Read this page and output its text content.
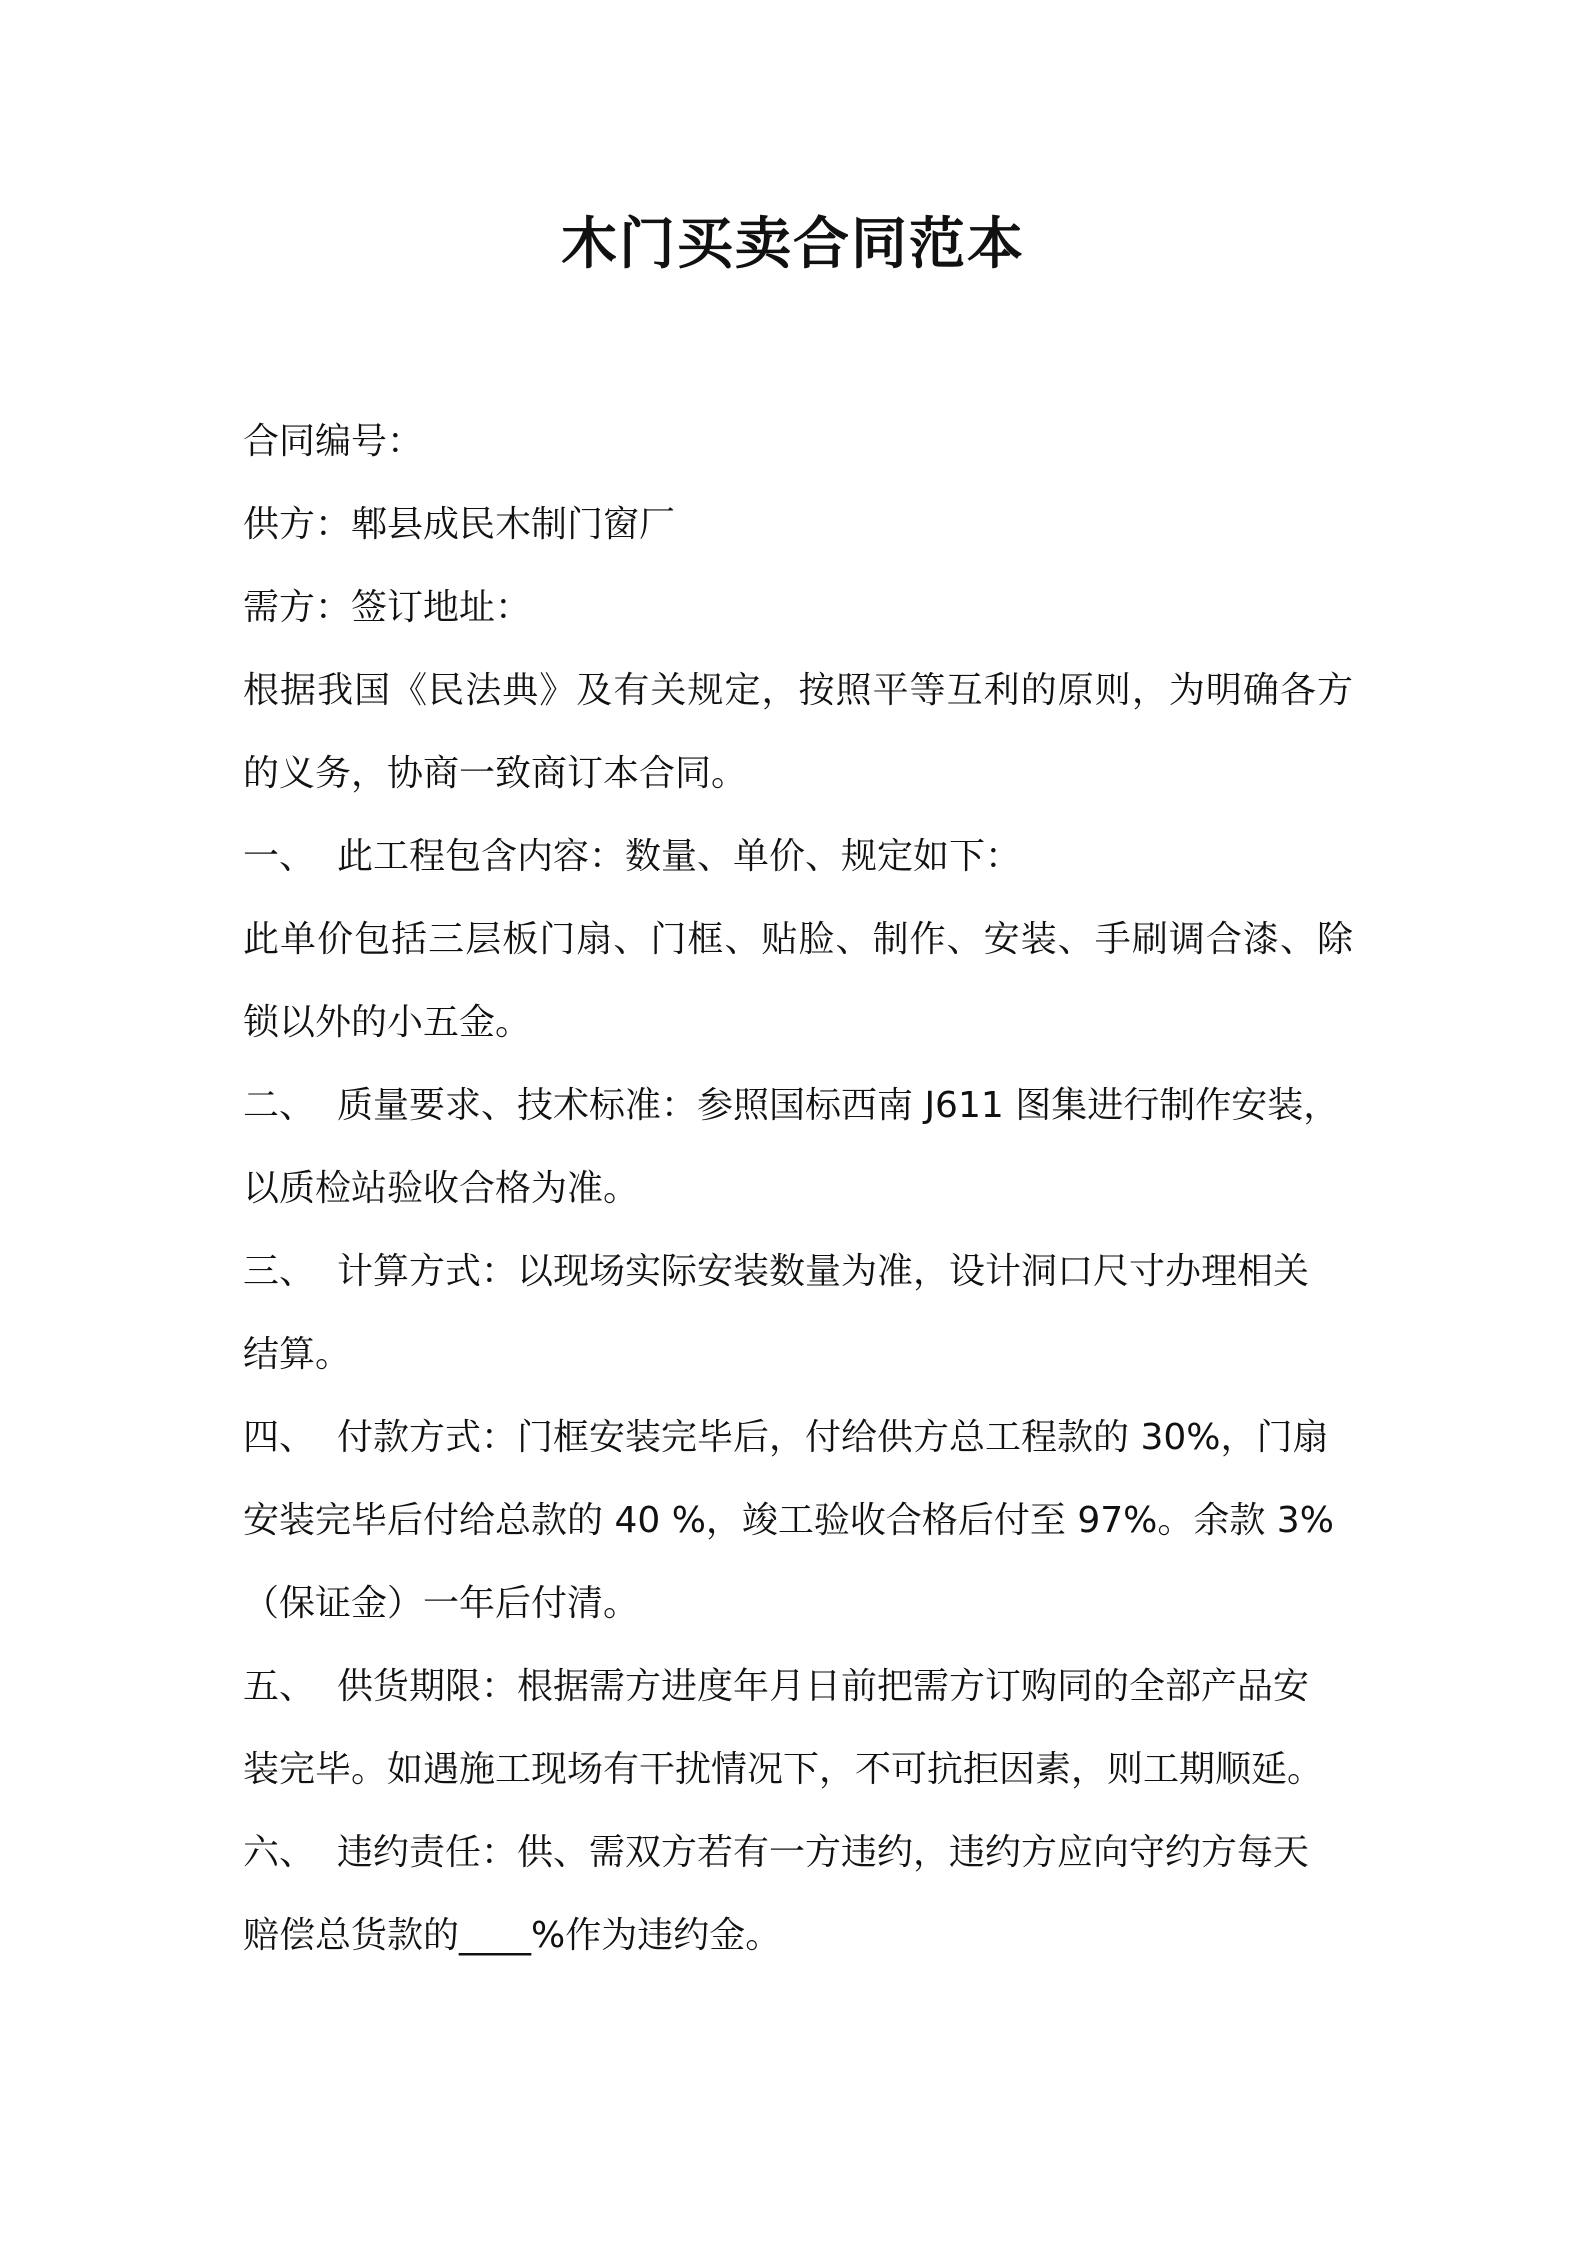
木门买卖合同范本

合同编号：

供方：郫县成民木制门窗厂

需方：签订地址：

根据我国《民法典》及有关规定，按照平等互利的原则，为明确各方

的义务，协商一致商订本合同。

一、 此工程包含内容：数量、单价、规定如下：

此单价包括三层板门扇、门框、贴脸、制作、安装、手刷调合漆、除

锁以外的小五金。

二、 质量要求、技术标准：参照国标西南 J611 图集进行制作安装，

以质检站验收合格为准。

三、 计算方式：以现场实际安装数量为准，设计洞口尺寸办理相关

结算。

四、 付款方式：门框安装完毕后，付给供方总工程款的 30%，门扇

安装完毕后付给总款的 40 %，竣工验收合格后付至 97%。余款 3%

（保证金）一年后付清。

五、 供货期限：根据需方进度年月日前把需方订购同的全部产品安

装完毕。如遇施工现场有干扰情况下，不可抗拒因素，则工期顺延。

六、 违约责任：供、需双方若有一方违约，违约方应向守约方每天

赔偿总货款的____%作为违约金。
